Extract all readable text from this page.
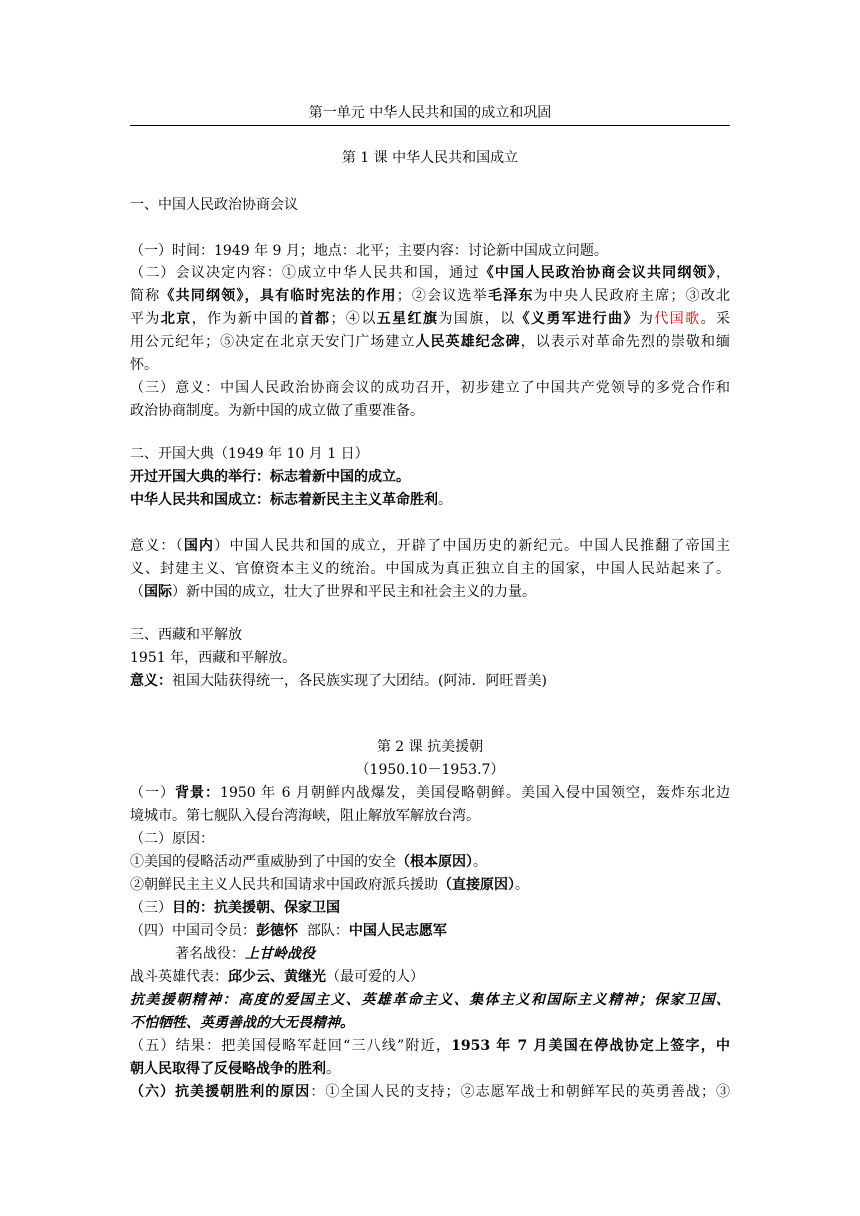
第一单元 中华人民共和国的成立和巩固
第 1 课 中华人民共和国成立
一、中国人民政治协商会议
（一）时间：1949 年 9 月；地点：北平；主要内容：讨论新中国成立问题。
（二）会议决定内容：①成立中华人民共和国，通过《中国人民政治协商会议共同纲领》，
简称《共同纲领》，具有临时宪法的作用；②会议选举毛泽东为中央人民政府主席；③改北
平为北京，作为新中国的首都；④以五星红旗为国旗，以《义勇军进行曲》为代国歌。采
用公元纪年；⑤决定在北京天安门广场建立人民英雄纪念碑，以表示对革命先烈的崇敬和缅
怀。
（三）意义：中国人民政治协商会议的成功召开，初步建立了中国共产党领导的多党合作和
政治协商制度。为新中国的成立做了重要准备。
二、开国大典（1949 年 10 月 1 日）
开过开国大典的举行：标志着新中国的成立。
中华人民共和国成立：标志着新民主主义革命胜利。
意义：（国内）中国人民共和国的成立，开辟了中国历史的新纪元。中国人民推翻了帝国主
义、封建主义、官僚资本主义的统治。中国成为真正独立自主的国家，中国人民站起来了。
（国际）新中国的成立，壮大了世界和平民主和社会主义的力量。
三、西藏和平解放
1951 年，西藏和平解放。
意义：祖国大陆获得统一，各民族实现了大团结。(阿沛．阿旺晋美)
第 2 课 抗美援朝
（1950.10－1953.7）
（一）背景：1950 年 6 月朝鲜内战爆发，美国侵略朝鲜。美国入侵中国领空，轰炸东北边
境城市。第七舰队入侵台湾海峡，阻止解放军解放台湾。
（二）原因：
①美国的侵略活动严重威胁到了中国的安全（根本原因）。
②朝鲜民主主义人民共和国请求中国政府派兵援助（直接原因）。
（三）目的：抗美援朝、保家卫国
（四）中国司令员：彭德怀  部队：中国人民志愿军
著名战役：上甘岭战役
战斗英雄代表：邱少云、黄继光（最可爱的人）
抗美援朝精神：高度的爱国主义、英雄革命主义、集体主义和国际主义精神；保家卫国、
不怕牺牲、英勇善战的大无畏精神。
（五）结果：把美国侵略军赶回“三八线”附近，1953 年 7 月美国在停战协定上签字，中
朝人民取得了反侵略战争的胜利。
（六）抗美援朝胜利的原因：①全国人民的支持；②志愿军战士和朝鲜军民的英勇善战；③
